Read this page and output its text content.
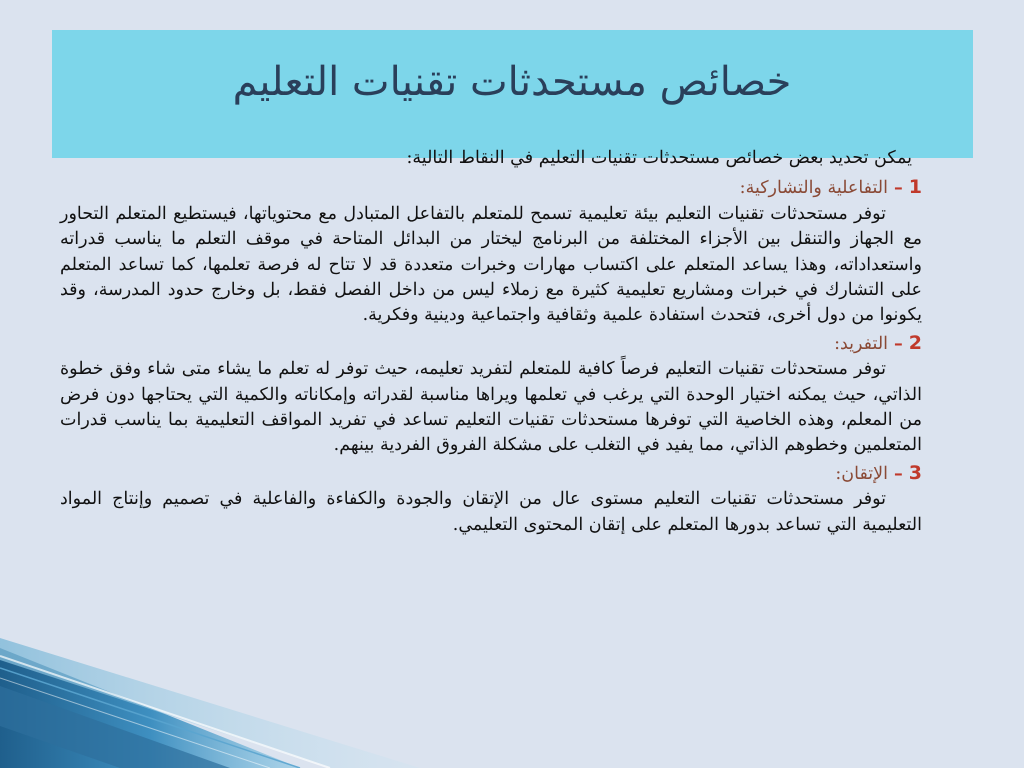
خصائص مستحدثات تقنيات التعليم

يمكن تحديد بعض خصائص مستحدثات تقنيات التعليم في النقاط التالية:

1–التفاعلية والتشاركية:

توفر مستحدثات تقنيات التعليم بيئة تعليمية تسمح للمتعلم بالتفاعل المتبادل مع محتوياتها، فيستطيع المتعلم التحاور مع الجهاز والتنقل بين الأجزاء المختلفة من البرنامج ليختار من البدائل المتاحة في موقف التعلم ما يناسب قدراته واستعداداته، وهذا يساعد المتعلم على اكتساب مهارات وخبرات متعددة قد لا تتاح له فرصة تعلمها، كما تساعد المتعلم على التشارك في خبرات ومشاريع تعليمية كثيرة مع زملاء ليس من داخل الفصل فقط، بل وخارج حدود المدرسة، وقد يكونوا من دول أخرى، فتحدث استفادة علمية وثقافية واجتماعية ودينية وفكرية.

2–التفريد:

توفر مستحدثات تقنيات التعليم فرصاً كافية للمتعلم لتفريد تعليمه، حيث توفر له تعلم ما يشاء متى شاء وفق خطوة الذاتي، حيث يمكنه اختيار الوحدة التي يرغب في تعلمها ويراها مناسبة لقدراته وإمكاناته والكمية التي يحتاجها دون فرض من المعلم، وهذه الخاصية التي توفرها مستحدثات تقنيات التعليم تساعد في تفريد المواقف التعليمية بما يناسب قدرات المتعلمين وخطوهم الذاتي، مما يفيد في التغلب على مشكلة الفروق الفردية بينهم.

3–الإتقان:

توفر مستحدثات تقنيات التعليم مستوى عال من الإتقان والجودة والكفاءة والفاعلية في تصميم وإنتاج المواد التعليمية التي تساعد بدورها المتعلم على إتقان المحتوى التعليمي.
